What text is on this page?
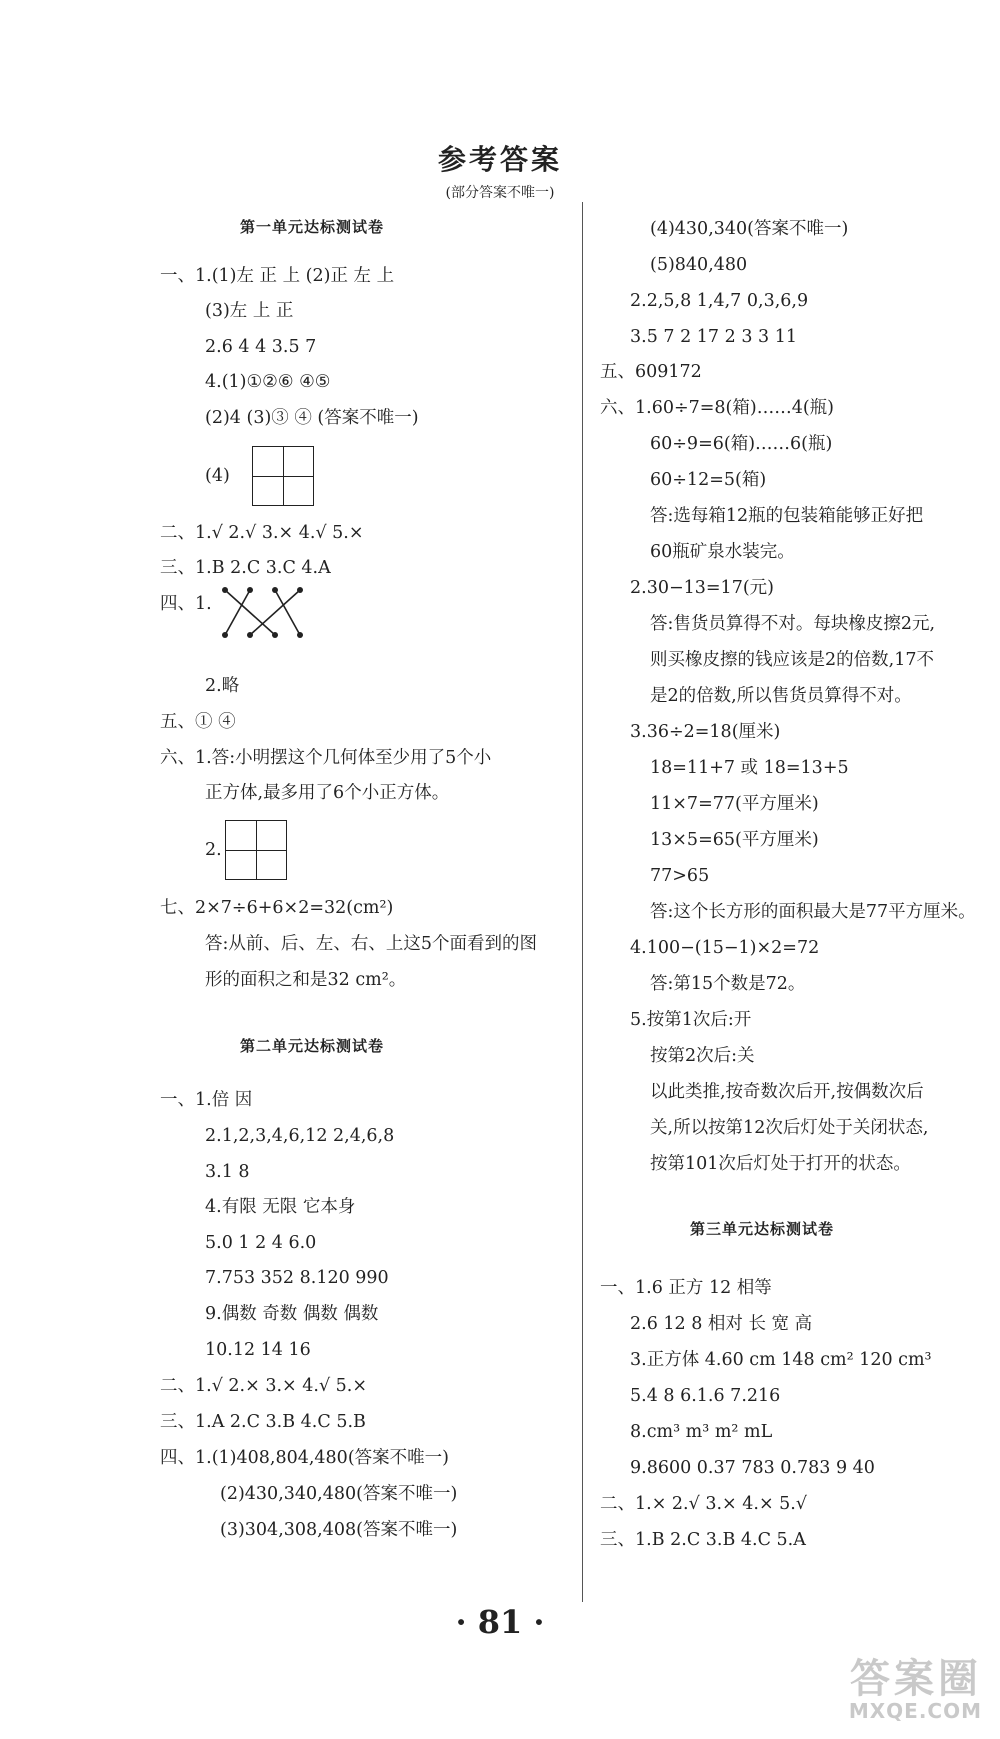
参考答案
(部分答案不唯一)
第一单元达标测试卷
一、1.(1)左 正 上 (2)正 左 上
(3)左 上 正
2.6 4 4 3.5 7
4.(1)①②⑥ ④⑤
(2)4 (3)③ ④ (答案不唯一)
(4)
二、1.√ 2.√ 3.× 4.√ 5.×
三、1.B 2.C 3.C 4.A
四、1.
2.略
五、① ④
六、1.答:小明摆这个几何体至少用了5个小
正方体,最多用了6个小正方体。
2.
七、2×7÷6+6×2=32(cm²)
答:从前、后、左、右、上这5个面看到的图
形的面积之和是32 cm²。
第二单元达标测试卷
一、1.倍 因
2.1,2,3,4,6,12 2,4,6,8
3.1 8
4.有限 无限 它本身
5.0 1 2 4 6.0
7.753 352 8.120 990
9.偶数 奇数 偶数 偶数
10.12 14 16
二、1.√ 2.× 3.× 4.√ 5.×
三、1.A 2.C 3.B 4.C 5.B
四、1.(1)408,804,480(答案不唯一)
(2)430,340,480(答案不唯一)
(3)304,308,408(答案不唯一)
(4)430,340(答案不唯一)
(5)840,480
2.2,5,8 1,4,7 0,3,6,9
3.5 7 2 17 2 3 3 11
五、609172
六、1.60÷7=8(箱)……4(瓶)
60÷9=6(箱)……6(瓶)
60÷12=5(箱)
答:选每箱12瓶的包装箱能够正好把
60瓶矿泉水装完。
2.30−13=17(元)
答:售货员算得不对。每块橡皮擦2元,
则买橡皮擦的钱应该是2的倍数,17不
是2的倍数,所以售货员算得不对。
3.36÷2=18(厘米)
18=11+7 或 18=13+5
11×7=77(平方厘米)
13×5=65(平方厘米)
77>65
答:这个长方形的面积最大是77平方厘米。
4.100−(15−1)×2=72
答:第15个数是72。
5.按第1次后:开
按第2次后:关
以此类推,按奇数次后开,按偶数次后
关,所以按第12次后灯处于关闭状态,
按第101次后灯处于打开的状态。
第三单元达标测试卷
一、1.6 正方 12 相等
2.6 12 8 相对 长 宽 高
3.正方体 4.60 cm 148 cm² 120 cm³
5.4 8 6.1.6 7.216
8.cm³ m³ m² mL
9.8600 0.37 783 0.783 9 40
二、1.× 2.√ 3.× 4.× 5.√
三、1.B 2.C 3.B 4.C 5.A
· 81 ·
答案圈
MXQE.COM
